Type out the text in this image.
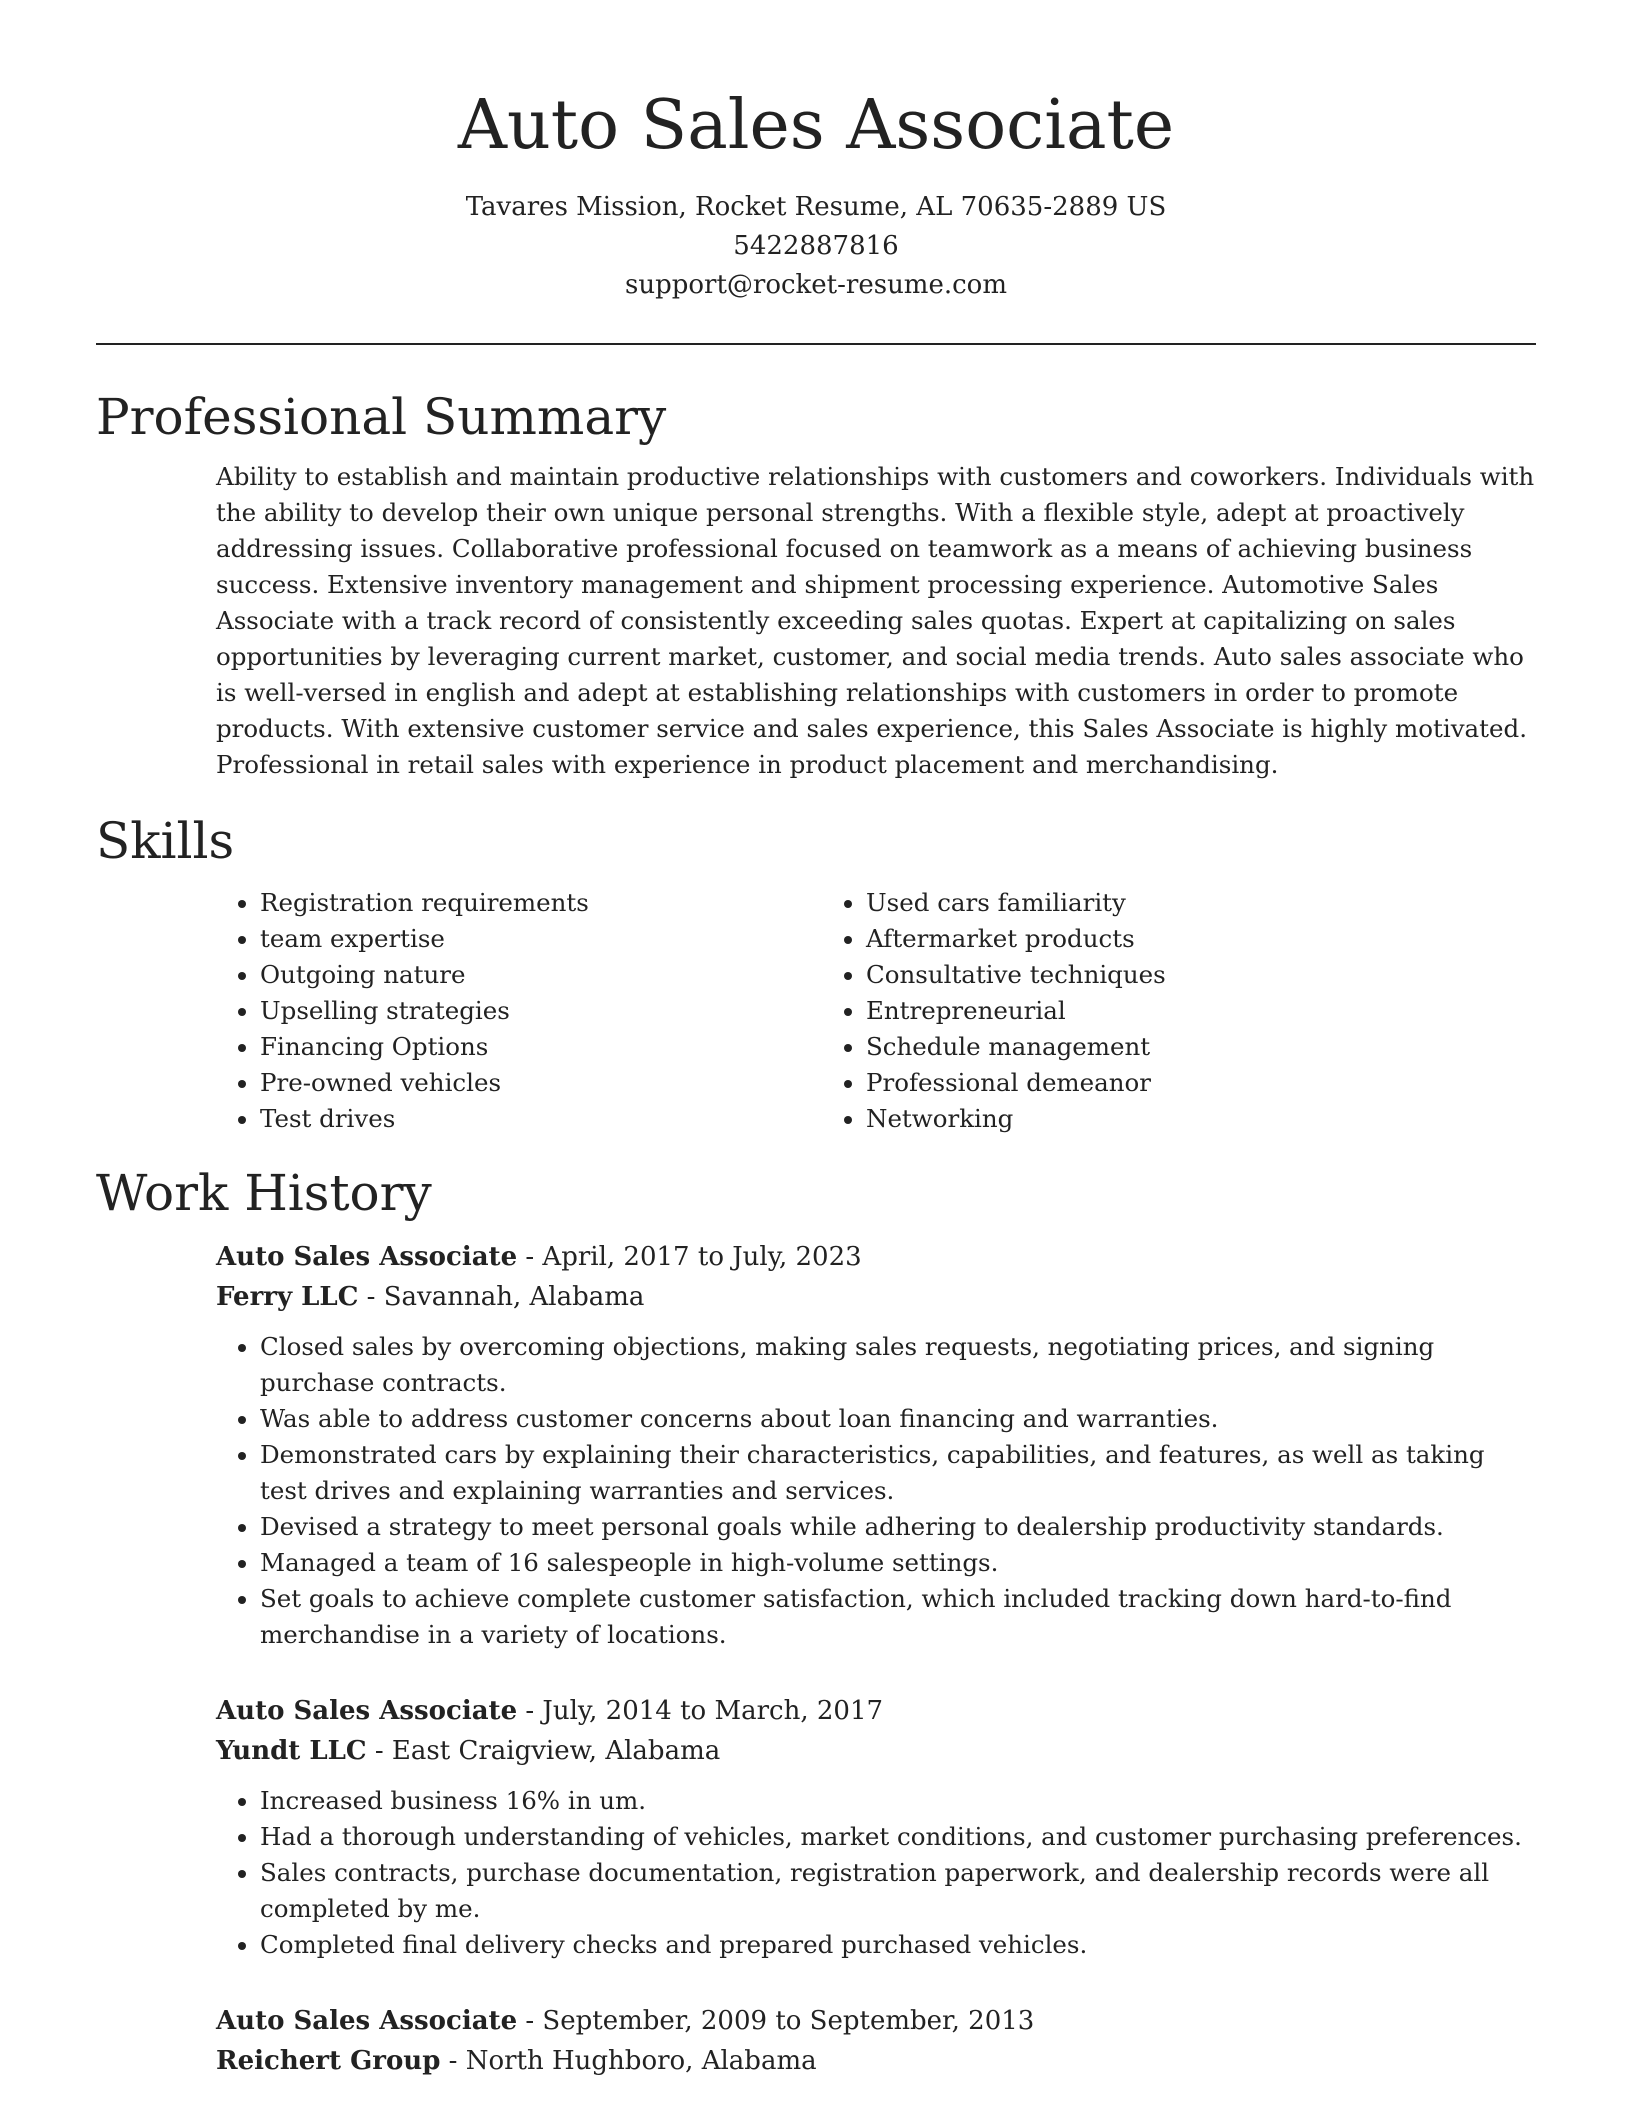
Auto Sales Associate
Tavares Mission, Rocket Resume, AL 70635-2889 US
5422887816
support@rocket-resume.com
Professional Summary

Ability to establish and maintain productive relationships with customers and coworkers. Individuals with the ability to develop their own unique personal strengths. With a flexible style, adept at proactively addressing issues. Collaborative professional focused on teamwork as a means of achieving business success. Extensive inventory management and shipment processing experience. Automotive Sales Associate with a track record of consistently exceeding sales quotas. Expert at capitalizing on sales opportunities by leveraging current market, customer, and social media trends. Auto sales associate who is well-versed in english and adept at establishing relationships with customers in order to promote products. With extensive customer service and sales experience, this Sales Associate is highly motivated. Professional in retail sales with experience in product placement and merchandising.

Skills
• Registration requirements
• team expertise
• Outgoing nature
• Upselling strategies
• Financing Options
• Pre-owned vehicles
• Test drives
• Used cars familiarity
• Aftermarket products
• Consultative techniques
• Entrepreneurial
• Schedule management
• Professional demeanor
• Networking
Work History
Auto Sales Associate - April, 2017 to July, 2023
Ferry LLC - Savannah, Alabama
• Closed sales by overcoming objections, making sales requests, negotiating prices, and signing purchase contracts.
• Was able to address customer concerns about loan financing and warranties.
• Demonstrated cars by explaining their characteristics, capabilities, and features, as well as taking test drives and explaining warranties and services.
• Devised a strategy to meet personal goals while adhering to dealership productivity standards.
• Managed a team of 16 salespeople in high-volume settings.
• Set goals to achieve complete customer satisfaction, which included tracking down hard-to-find merchandise in a variety of locations.
Auto Sales Associate - July, 2014 to March, 2017
Yundt LLC - East Craigview, Alabama
• Increased business 16% in um.
• Had a thorough understanding of vehicles, market conditions, and customer purchasing preferences.
• Sales contracts, purchase documentation, registration paperwork, and dealership records were all completed by me.
• Completed final delivery checks and prepared purchased vehicles.
Auto Sales Associate - September, 2009 to September, 2013
Reichert Group - North Hughboro, Alabama
